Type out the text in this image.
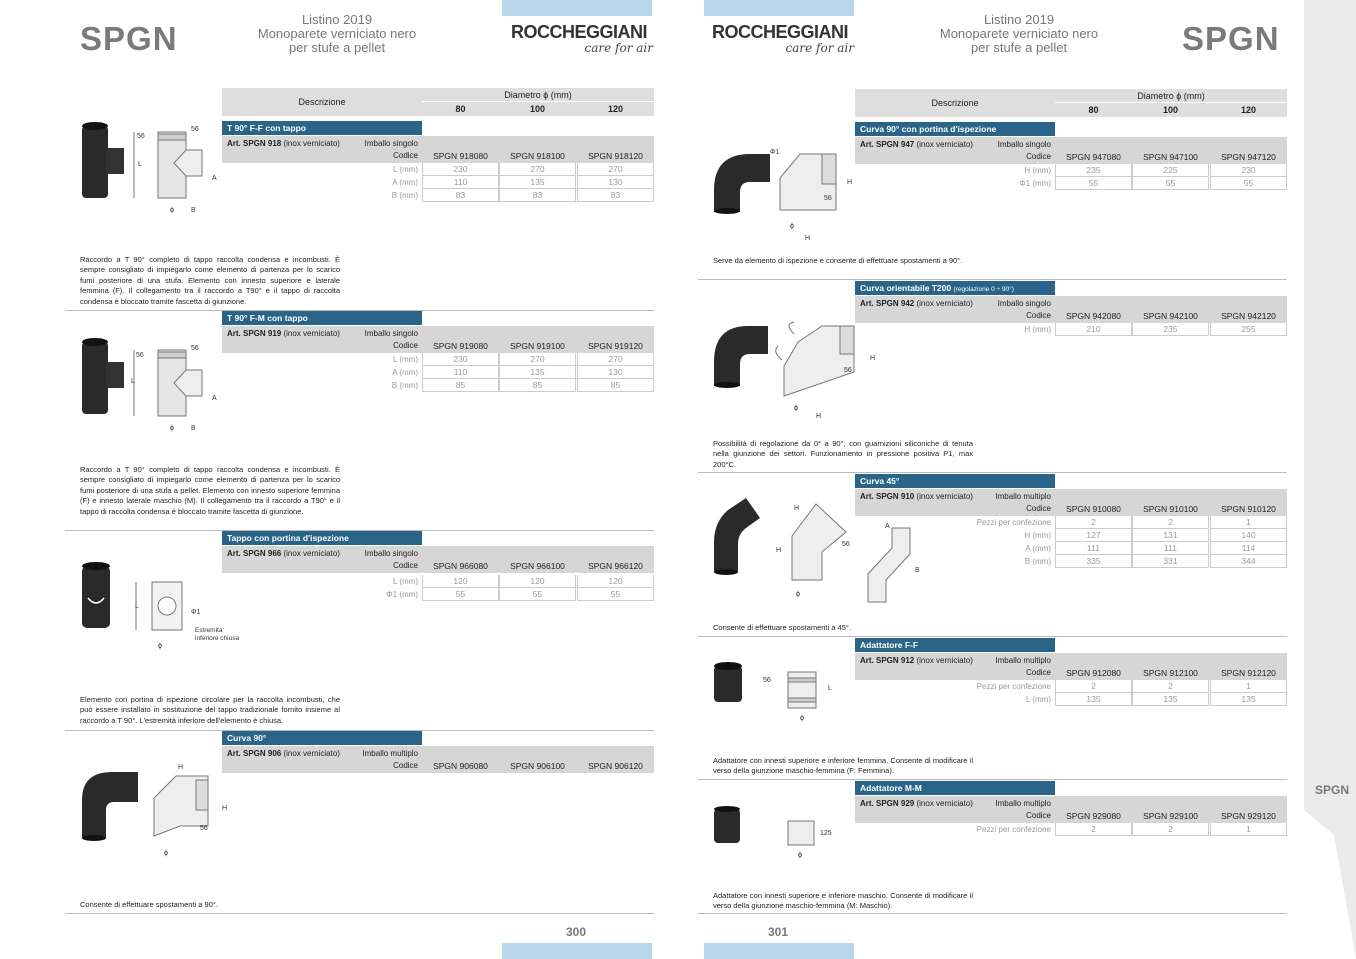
SPGN
Listino 2019
Monoparete verniciato nero
per stufe a pellet
ROCCHEGGIANI
care for air
ROCCHEGGIANI
care for air
Listino 2019
Monoparete verniciato nero
per stufe a pellet	SPGN
SPGN
Descrizione
Diametro ϕ (mm)
80	100	120
Descrizione
Diametro ϕ (mm)
80	100	120
T 90° F-F con tappo
Art. SPGN 918 (inox verniciato)	Imballo singolo
Codice	SPGN 918080	SPGN 918100	SPGN 918120
L (mm)	230	270	270
A (mm)	110	135	130
B (mm)	83	83	83
L
56
56
A
ϕ B
Raccordo a T 90° completo di tappo raccolta condensa e incombusti. È sempre consigliato di impiegarlo come elemento di partenza per lo scarico fumi posteriore di una stufa. Elemento con innesto superiore e laterale femmina (F). Il collegamento tra il raccordo a T90° e il tappo di raccolta condensa è bloccato tramite fascetta di giunzione.
T 90° F-M con tappo
Art. SPGN 919 (inox verniciato)	Imballo singolo
Codice	SPGN 919080	SPGN 919100	SPGN 919120
L (mm)	230	270	270
A (mm)	110	135	130
B (mm)	85	85	85
L
56
56
A
ϕ B
Raccordo a T 90° completo di tappo raccolta condensa e incombusti. È sempre consigliato di impiegarlo come elemento di partenza per lo scarico fumi posteriore di una stufa a pellet. Elemento con innesto superiore femmina (F) e innesto laterale maschio (M). Il collegamento tra il raccordo a T90° e il tappo di raccolta condensa è bloccato tramite fascetta di giunzione.
Tappo con portina d'ispezione
Art. SPGN 966 (inox verniciato)	Imballo singolo
Codice	SPGN 966080	SPGN 966100	SPGN 966120
L (mm)	120	120	120
Φ1 (mm)	55	55	55
L
Φ1
ϕ
Estremita'
inferiore chiusa
Elemento con portina di ispezione circolare per la raccolta incombusti, che può essere installato in sostituzione del tappo tradizionale fornito insieme al raccordo a T 90°. L'estremità inferiore dell'elemento è chiusa.
Curva 90°
Art. SPGN 906 (inox verniciato)	Imballo multiplo
Codice	SPGN 906080	SPGN 906100	SPGN 906120
H
H
56
ϕ
Consente di effettuare spostamenti a 90°.
Curva 90° con portina d'ispezione
Art. SPGN 947 (inox verniciato)	Imballo singolo
Codice	SPGN 947080	SPGN 947100	SPGN 947120
H (mm)	235	225	230
Φ1 (mm)	55	55	55
Φ1
H
56
ϕ
H
Serve da elemento di ispezione e consente di effettuare spostamenti a 90°.
Curva orientabile T200 (regolazione 0 ÷ 90°)
Art. SPGN 942 (inox verniciato)	Imballo singolo
Codice	SPGN 942080	SPGN 942100	SPGN 942120
H (mm)	210	235	255
H
56
ϕ
H
Possibilità di regolazione da 0° a 90°, con guarnizioni siliconiche di tenuta nella giunzione dei settori. Funzionamento in pressione positiva P1, max 200°C.
Curva 45°
Art. SPGN 910 (inox verniciato)	Imballo multiplo
Codice	SPGN 910080	SPGN 910100	SPGN 910120
Pezzi per confezione	2	2	1
H (mm)	127	131	140
A (mm)	111	111	114
B (mm)	335	331	344
H
H
56
ϕ
A
B
Consente di effettuare spostamenti a 45°.
Adattatore F-F
Art. SPGN 912 (inox verniciato)	Imballo multiplo
Codice	SPGN 912080	SPGN 912100	SPGN 912120
Pezzi per confezione	2	2	1
L (mm)	135	135	135
56
L
ϕ
Adattatore con innesti superiore e inferiore femmina. Consente di modificare il verso della giunzione maschio-femmina (F: Femmina).
Adattatore M-M
Art. SPGN 929 (inox verniciato)	Imballo multiplo
Codice	SPGN 929080	SPGN 929100	SPGN 929120
Pezzi per confezione	2	2	1
125
ϕ
Adattatore con innesti superiore e inferiore maschio. Consente di modificare il verso della giunzione maschio-femmina (M: Maschio).
300	301
